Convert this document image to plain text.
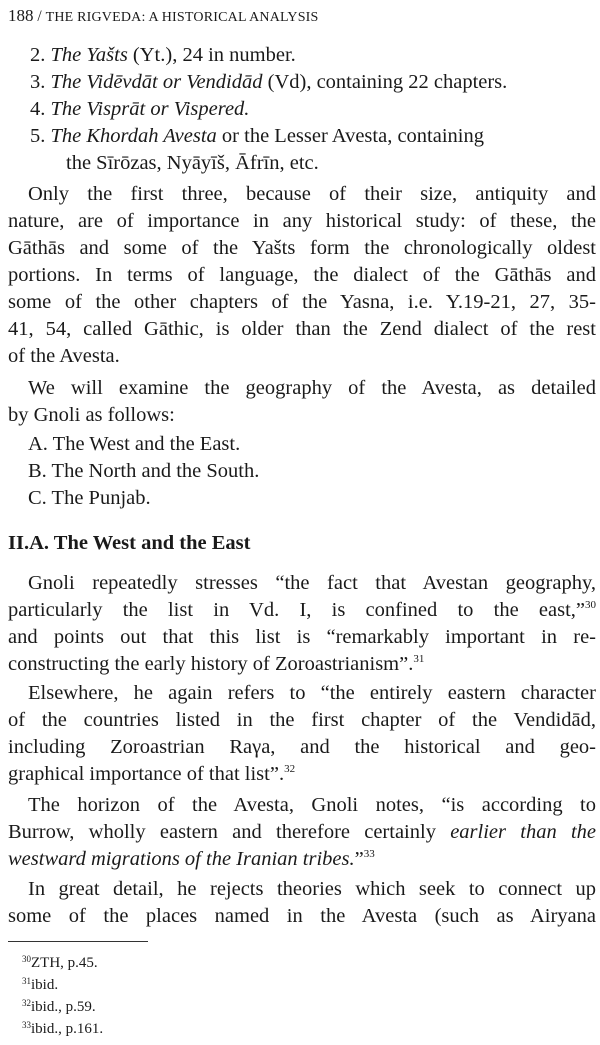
188 / THE RIGVEDA: A HISTORICAL ANALYSIS
2. The Yašts (Yt.), 24 in number.
3. The Vidēvdāt or Vendidād (Vd), containing 22 chapters.
4. The Visprāt or Vispered.
5. The Khordah Avesta or the Lesser Avesta, containing
the Sīrōzas, Nyāyīš, Āfrīn, etc.
Only the first three, because of their size, antiquity and
nature, are of importance in any historical study: of these, the
Gāthās and some of the Yašts form the chronologically oldest
portions. In terms of language, the dialect of the Gāthās and
some of the other chapters of the Yasna, i.e. Y.19-21, 27, 35-
41, 54, called Gāthic, is older than the Zend dialect of the rest
of the Avesta.
We will examine the geography of the Avesta, as detailed
by Gnoli as follows:
A. The West and the East.
B. The North and the South.
C. The Punjab.
II.A. The West and the East
Gnoli repeatedly stresses “the fact that Avestan geography,
particularly the list in Vd. I, is confined to the east,”$^{30}$
and points out that this list is “remarkably important in re-
constructing the early history of Zoroastrianism”.$^{31}$
Elsewhere, he again refers to “the entirely eastern character
of the countries listed in the first chapter of the Vendidād,
including Zoroastrian Raγa, and the historical and geo-
graphical importance of that list”.$^{32}$
The horizon of the Avesta, Gnoli notes, “is according to
Burrow, wholly eastern and therefore certainly earlier than the
westward migrations of the Iranian tribes.”$^{33}$
In great detail, he rejects theories which seek to connect up
some of the places named in the Avesta (such as Airyana
$^{30}$ZTH, p.45.
$^{31}$ibid.
$^{32}$ibid., p.59.
$^{33}$ibid., p.161.
